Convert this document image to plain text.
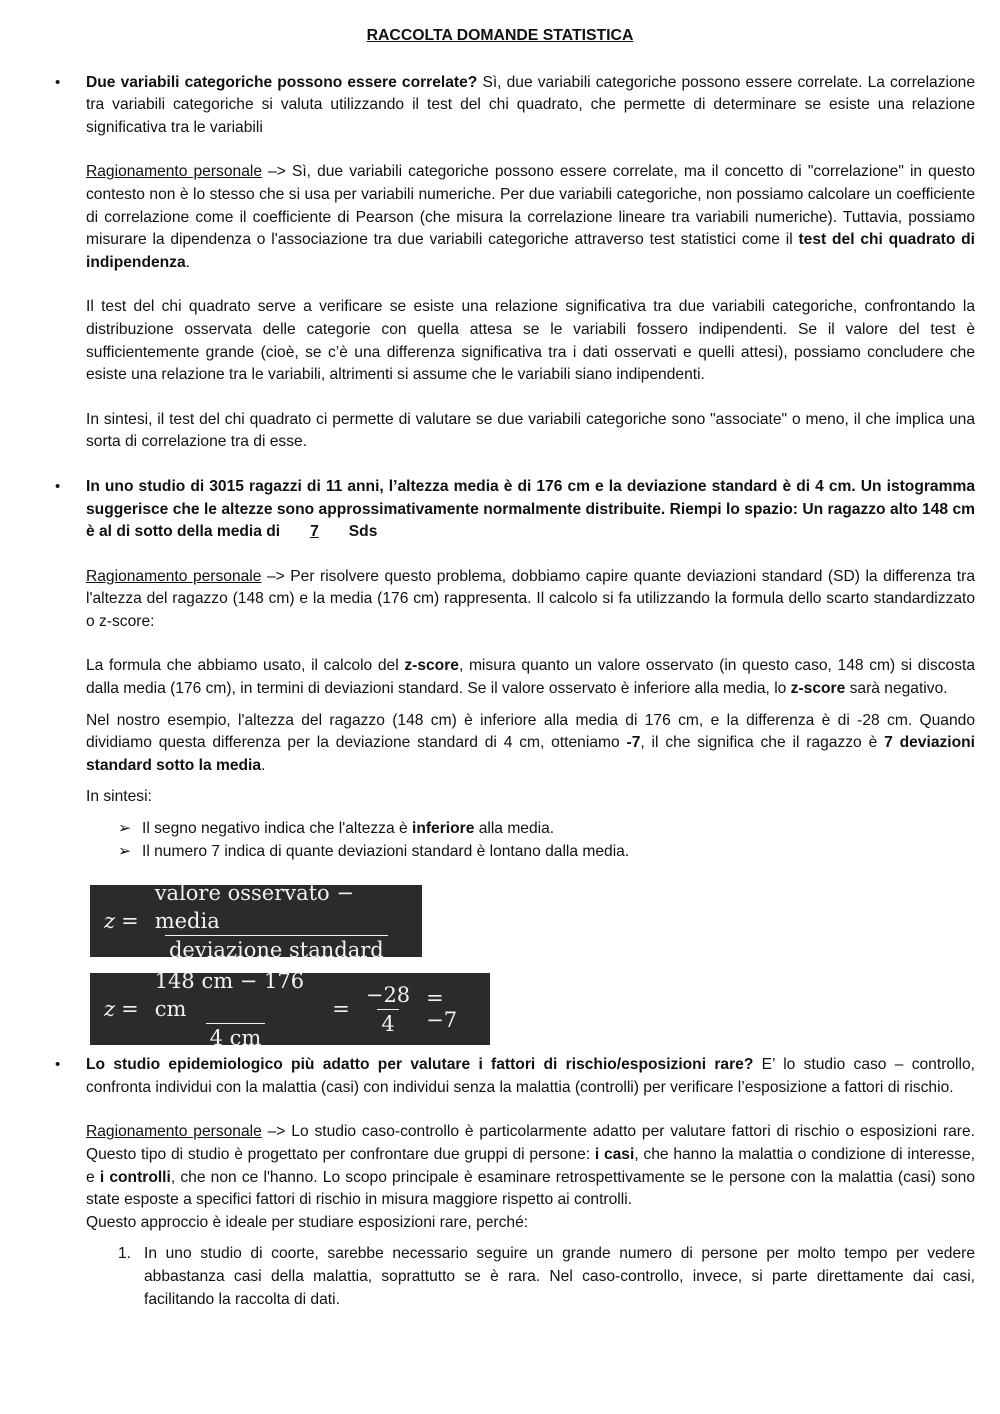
RACCOLTA DOMANDE STATISTICA
• Due variabili categoriche possono essere correlate? Sì, due variabili categoriche possono essere correlate. La correlazione tra variabili categoriche si valuta utilizzando il test del chi quadrato, che permette di determinare se esiste una relazione significativa tra le variabili

Ragionamento personale –> Sì, due variabili categoriche possono essere correlate, ma il concetto di "correlazione" in questo contesto non è lo stesso che si usa per variabili numeriche. Per due variabili categoriche, non possiamo calcolare un coefficiente di correlazione come il coefficiente di Pearson (che misura la correlazione lineare tra variabili numeriche). Tuttavia, possiamo misurare la dipendenza o l'associazione tra due variabili categoriche attraverso test statistici come il test del chi quadrato di indipendenza.

Il test del chi quadrato serve a verificare se esiste una relazione significativa tra due variabili categoriche, confrontando la distribuzione osservata delle categorie con quella attesa se le variabili fossero indipendenti. Se il valore del test è sufficientemente grande (cioè, se c’è una differenza significativa tra i dati osservati e quelli attesi), possiamo concludere che esiste una relazione tra le variabili, altrimenti si assume che le variabili siano indipendenti.

In sintesi, il test del chi quadrato ci permette di valutare se due variabili categoriche sono "associate" o meno, il che implica una sorta di correlazione tra di esse.

• In uno studio di 3015 ragazzi di 11 anni, l’altezza media è di 176 cm e la deviazione standard è di 4 cm. Un istogramma suggerisce che le altezze sono approssimativamente normalmente distribuite. Riempi lo spazio: Un ragazzo alto 148 cm è al di sotto della media di 7 Sds

Ragionamento personale –> Per risolvere questo problema, dobbiamo capire quante deviazioni standard (SD) la differenza tra l'altezza del ragazzo (148 cm) e la media (176 cm) rappresenta. Il calcolo si fa utilizzando la formula dello scarto standardizzato o z-score:

La formula che abbiamo usato, il calcolo del z-score, misura quanto un valore osservato (in questo caso, 148 cm) si discosta dalla media (176 cm), in termini di deviazioni standard. Se il valore osservato è inferiore alla media, lo z-score sarà negativo.

Nel nostro esempio, l'altezza del ragazzo (148 cm) è inferiore alla media di 176 cm, e la differenza è di -28 cm. Quando dividiamo questa differenza per la deviazione standard di 4 cm, otteniamo -7, il che significa che il ragazzo è 7 deviazioni standard sotto la media.

In sintesi:

➢ Il segno negativo indica che l'altezza è inferiore alla media.
➢ Il numero 7 indica di quante deviazioni standard è lontano dalla media.
$z = \frac{\text{valore osservato − media}}{\text{deviazione standard}}$
$z = \frac{148 cm - 176 cm}{4 cm} = \frac{-28}{4} = -7$
• Lo studio epidemiologico più adatto per valutare i fattori di rischio/esposizioni rare? E’ lo studio caso – controllo, confronta individui con la malattia (casi) con individui senza la malattia (controlli) per verificare l’esposizione a fattori di rischio.

Ragionamento personale –> Lo studio caso-controllo è particolarmente adatto per valutare fattori di rischio o esposizioni rare. Questo tipo di studio è progettato per confrontare due gruppi di persone: i casi, che hanno la malattia o condizione di interesse, e i controlli, che non ce l'hanno. Lo scopo principale è esaminare retrospettivamente se le persone con la malattia (casi) sono state esposte a specifici fattori di rischio in misura maggiore rispetto ai controlli.

Questo approccio è ideale per studiare esposizioni rare, perché:

1. In uno studio di coorte, sarebbe necessario seguire un grande numero di persone per molto tempo per vedere abbastanza casi della malattia, soprattutto se è rara. Nel caso-controllo, invece, si parte direttamente dai casi, facilitando la raccolta di dati.
